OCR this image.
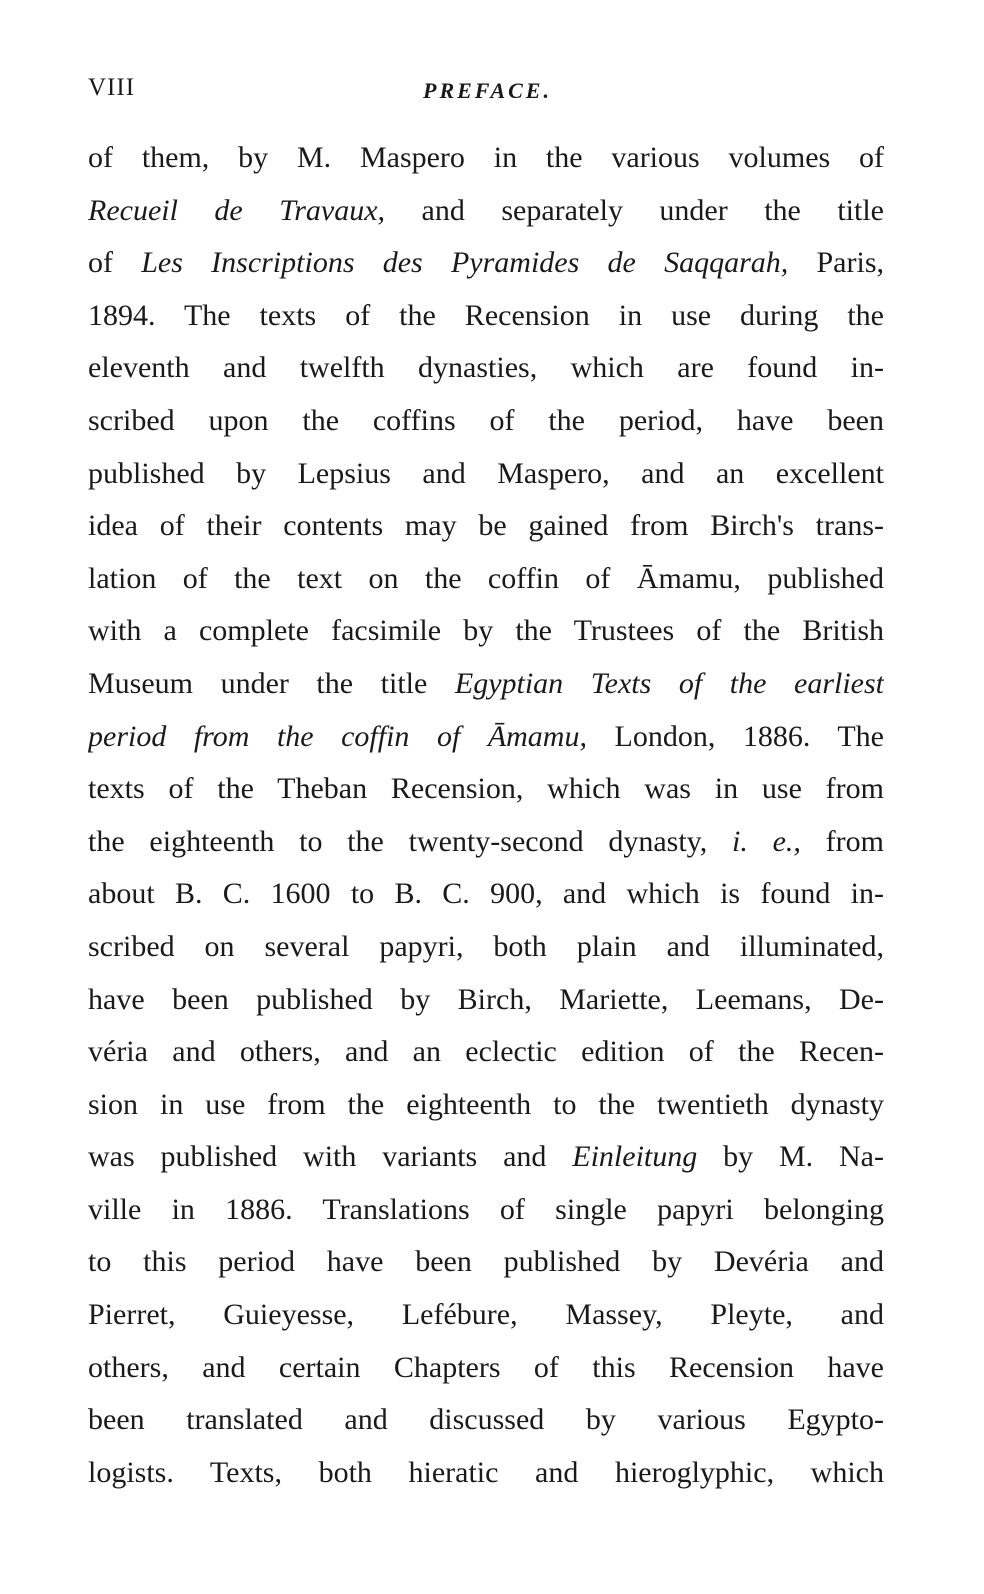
VIII	PREFACE.
of them, by M. Maspero in the various volumes of
Recueil de Travaux, and separately under the title
of Les Inscriptions des Pyramides de Saqqarah, Paris,
1894. The texts of the Recension in use during the
eleventh and twelfth dynasties, which are found in-
scribed upon the coffins of the period, have been
published by Lepsius and Maspero, and an excellent
idea of their contents may be gained from Birch's trans-
lation of the text on the coffin of Āmamu, published
with a complete facsimile by the Trustees of the British
Museum under the title Egyptian Texts of the earliest
period from the coffin of Āmamu, London, 1886. The
texts of the Theban Recension, which was in use from
the eighteenth to the twenty-second dynasty, i. e., from
about B. C. 1600 to B. C. 900, and which is found in-
scribed on several papyri, both plain and illuminated,
have been published by Birch, Mariette, Leemans, De-
véria and others, and an eclectic edition of the Recen-
sion in use from the eighteenth to the twentieth dynasty
was published with variants and Einleitung by M. Na-
ville in 1886. Translations of single papyri belonging
to this period have been published by Devéria and
Pierret, Guieyesse, Lefébure, Massey, Pleyte, and
others, and certain Chapters of this Recension have
been translated and discussed by various Egypto-
logists. Texts, both hieratic and hieroglyphic, which
